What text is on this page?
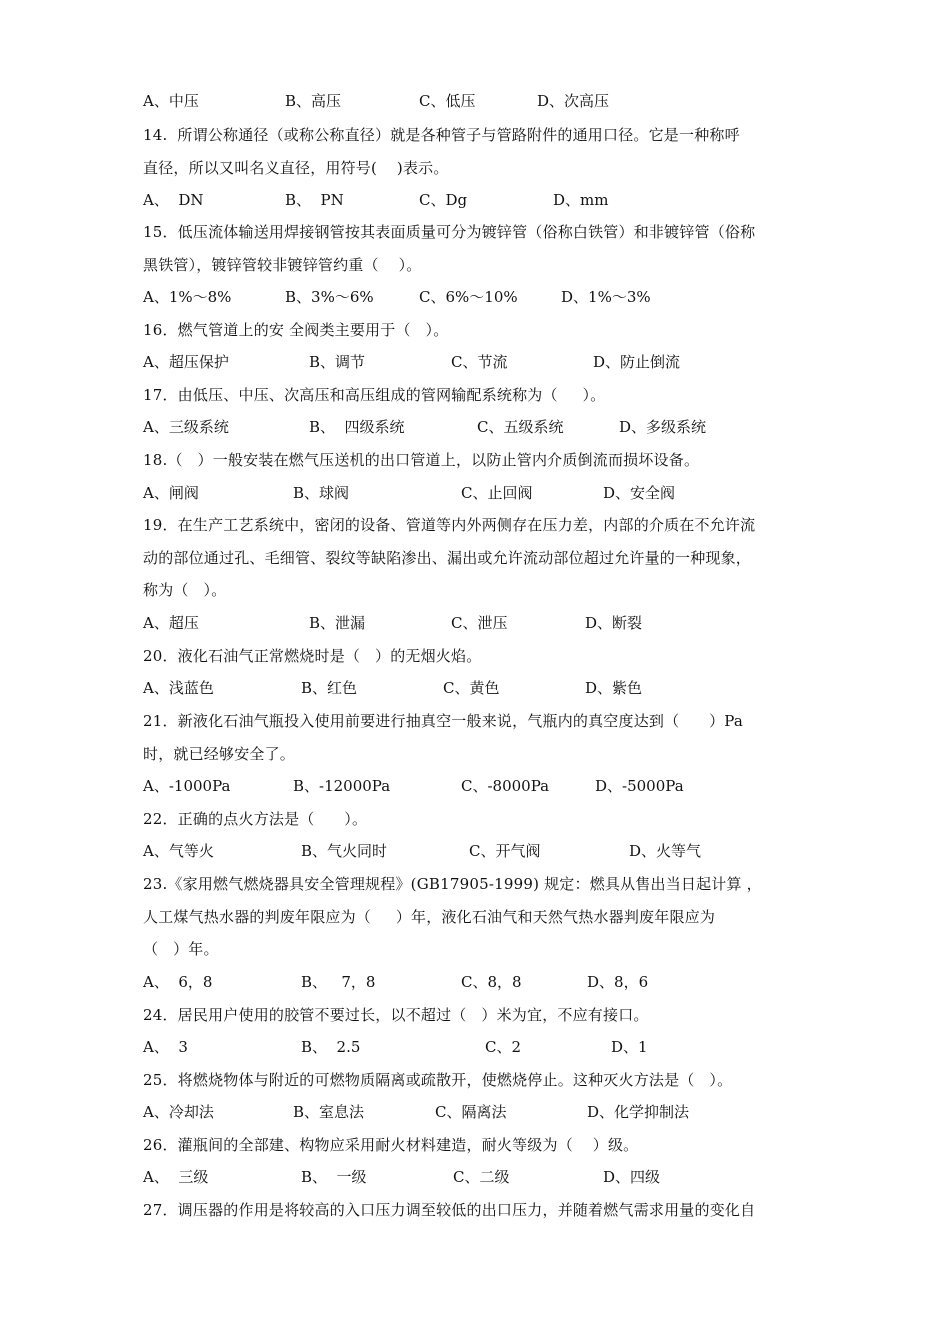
A、中压	B、高压	C、低压	D、次高压
14.  所谓公称通径（或称公称直径）就是各种管子与管路附件的通用口径。它是一种称呼
直径，所以又叫名义直径，用符号(    )表示。
A、  DN	B、  PN	C、Dg	D、mm
15．低压流体输送用焊接钢管按其表面质量可分为镀锌管（俗称白铁管）和非镀锌管（俗称
黑铁管），镀锌管较非镀锌管约重（    ）。
A、1%～8%	B、3%～6%	C、6%～10%	D、1%～3%
16．燃气管道上的安 全阀类主要用于（   ）。
A、超压保护	B、调节	C、节流	D、防止倒流
17．由低压、中压、次高压和高压组成的管网输配系统称为（     ）。
A、三级系统	B、  四级系统	C、五级系统	D、多级系统
18.（   ）一般安装在燃气压送机的出口管道上，以防止管内介质倒流而损坏设备。
A、闸阀	B、球阀	C、止回阀	D、安全阀
19．在生产工艺系统中，密闭的设备、管道等内外两侧存在压力差，内部的介质在不允许流
动的部位通过孔、毛细管、裂纹等缺陷渗出、漏出或允许流动部位超过允许量的一种现象，
称为（   ）。
A、超压	B、泄漏	C、泄压	D、断裂
20．液化石油气正常燃烧时是（   ）的无烟火焰。
A、浅蓝色	B、红色	C、黄色	D、紫色
21．新液化石油气瓶投入使用前要进行抽真空一般来说，气瓶内的真空度达到（      ）Pa
时，就已经够安全了。
A、-1000Pa	B、-12000Pa	C、-8000Pa	D、-5000Pa
22．正确的点火方法是（      ）。
A、气等火	B、气火同时	C、开气阀	D、火等气
23.《家用燃气燃烧器具安全管理规程》(GB17905-1999) 规定：燃具从售出当日起计算 ，
人工煤气热水器的判废年限应为（     ）年，液化石油气和天然气热水器判废年限应为
（   ）年。
A、  6，8	B、   7，8	C、8，8	D、8，6
24．居民用户使用的胶管不要过长，以不超过（   ）米为宜，不应有接口。
A、  3	B、  2.5	C、2	D、1
25．将燃烧物体与附近的可燃物质隔离或疏散开，使燃烧停止。这种灭火方法是（   ）。
A、冷却法	B、室息法	C、隔离法	D、化学抑制法
26．灌瓶间的全部建、构物应采用耐火材料建造，耐火等级为（    ）级。
A、  三级	B、  一级	C、二级	D、四级
27．调压器的作用是将较高的入口压力调至较低的出口压力，并随着燃气需求用量的变化自
